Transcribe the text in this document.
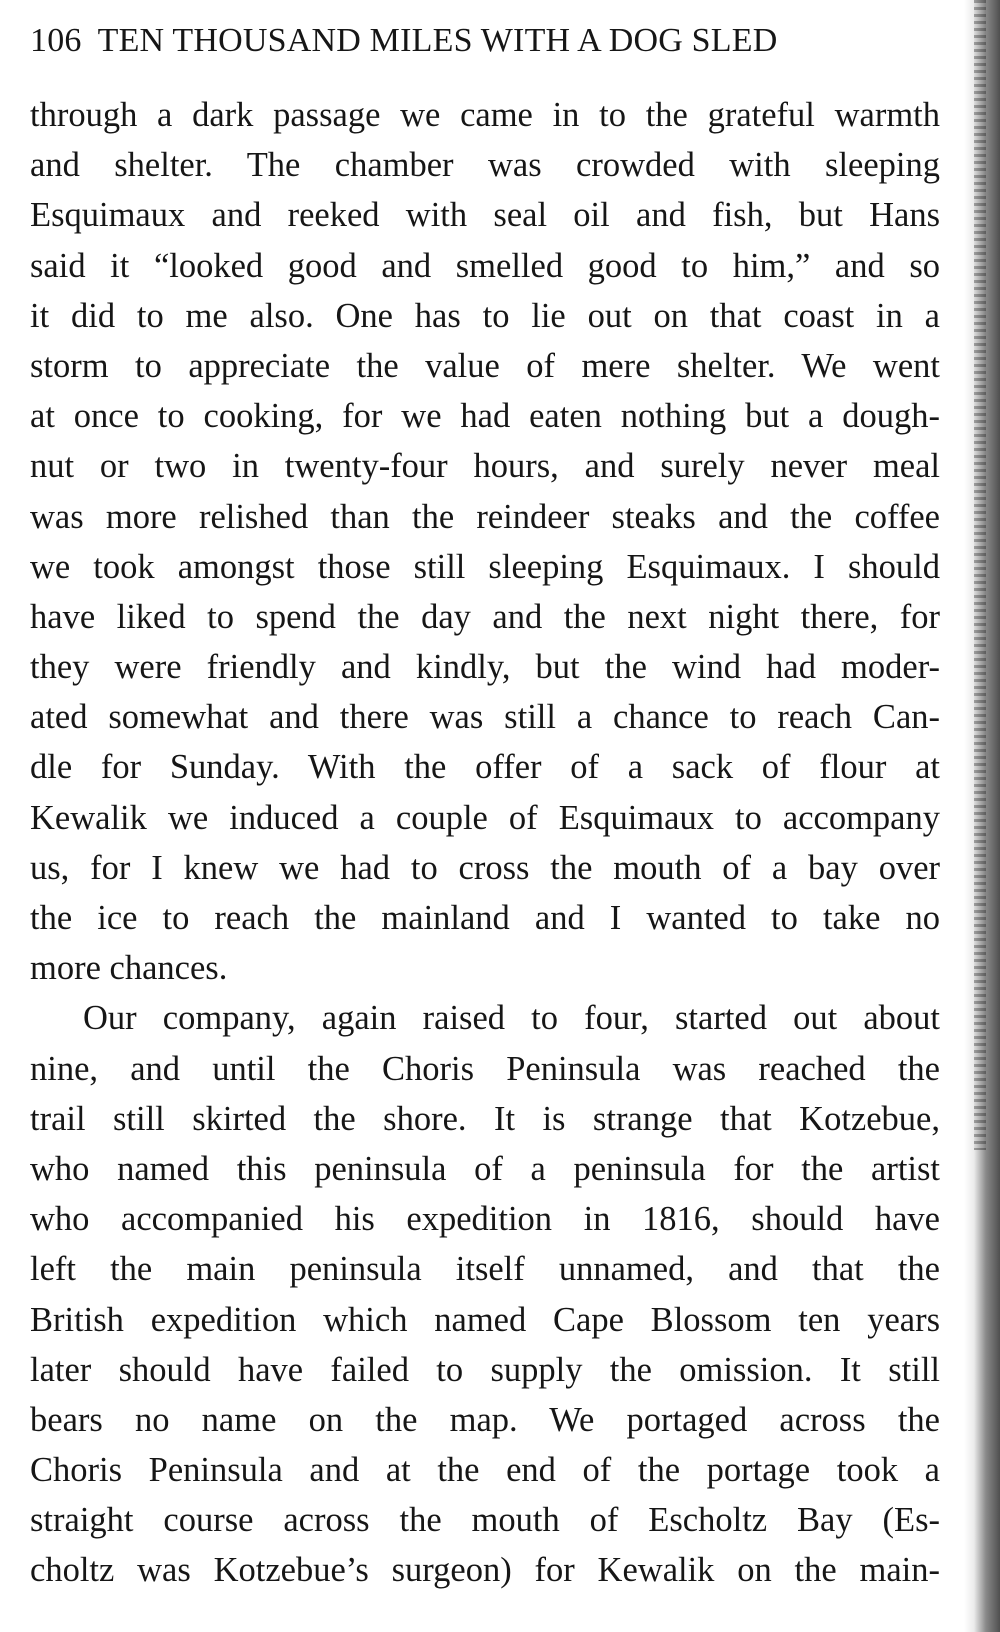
106 TEN THOUSAND MILES WITH A DOG SLED
through a dark passage we came in to the grateful warmth
and shelter. The chamber was crowded with sleeping
Esquimaux and reeked with seal oil and fish, but Hans
said it “looked good and smelled good to him,” and so
it did to me also. One has to lie out on that coast in a
storm to appreciate the value of mere shelter. We went
at once to cooking, for we had eaten nothing but a dough-
nut or two in twenty-four hours, and surely never meal
was more relished than the reindeer steaks and the coffee
we took amongst those still sleeping Esquimaux. I should
have liked to spend the day and the next night there, for
they were friendly and kindly, but the wind had moder-
ated somewhat and there was still a chance to reach Can-
dle for Sunday. With the offer of a sack of flour at
Kewalik we induced a couple of Esquimaux to accompany
us, for I knew we had to cross the mouth of a bay over
the ice to reach the mainland and I wanted to take no
more chances.
Our company, again raised to four, started out about
nine, and until the Choris Peninsula was reached the
trail still skirted the shore. It is strange that Kotzebue,
who named this peninsula of a peninsula for the artist
who accompanied his expedition in 1816, should have
left the main peninsula itself unnamed, and that the
British expedition which named Cape Blossom ten years
later should have failed to supply the omission. It still
bears no name on the map. We portaged across the
Choris Peninsula and at the end of the portage took a
straight course across the mouth of Escholtz Bay (Es-
choltz was Kotzebue’s surgeon) for Kewalik on the main-
